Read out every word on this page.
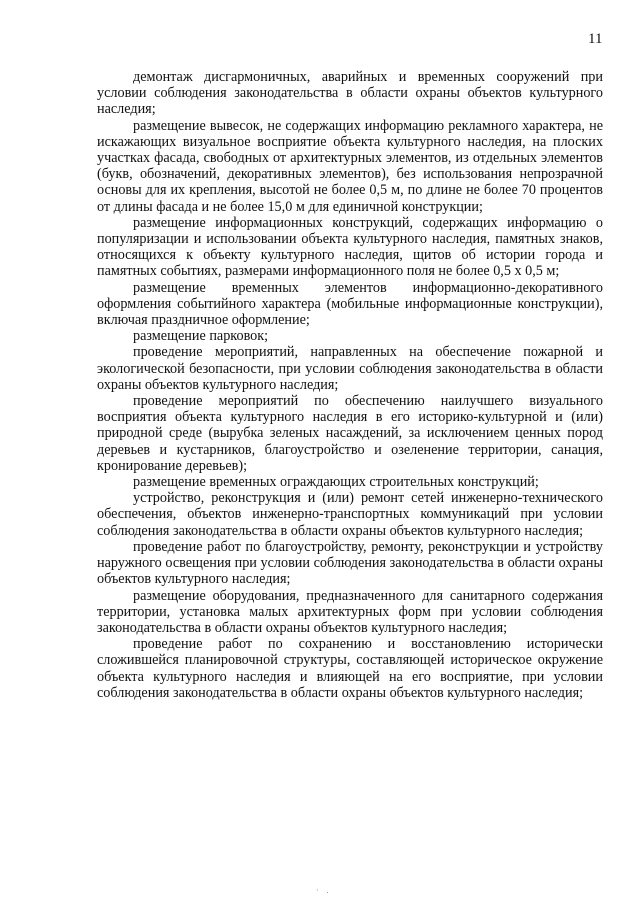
11

демонтаж дисгармоничных, аварийных и временных сооружений при условии соблюдения законодательства в области охраны объектов культурного наследия;

размещение вывесок, не содержащих информацию рекламного характера, не искажающих визуальное восприятие объекта культурного наследия, на плоских участках фасада, свободных от архитектурных элементов, из отдельных элементов (букв, обозначений, декоративных элементов), без использования непрозрачной основы для их крепления, высотой не более 0,5 м, по длине не более 70 процентов от длины фасада и не более 15,0 м для единичной конструкции;

размещение информационных конструкций, содержащих информацию о популяризации и использовании объекта культурного наследия, памятных знаков, относящихся к объекту культурного наследия, щитов об истории города и памятных событиях, размерами информационного поля не более 0,5 х 0,5 м;

размещение временных элементов информационно-декоративного оформления событийного характера (мобильные информационные конструкции), включая праздничное оформление;

размещение парковок;

проведение мероприятий, направленных на обеспечение пожарной и экологической безопасности, при условии соблюдения законодательства в области охраны объектов культурного наследия;

проведение мероприятий по обеспечению наилучшего визуального восприятия объекта культурного наследия в его историко-культурной и (или) природной среде (вырубка зеленых насаждений, за исключением ценных пород деревьев и кустарников, благоустройство и озеленение территории, санация, кронирование деревьев);

размещение временных ограждающих строительных конструкций;

устройство, реконструкция и (или) ремонт сетей инженерно-технического обеспечения, объектов инженерно-транспортных коммуникаций при условии соблюдения законодательства в области охраны объектов культурного наследия;

проведение работ по благоустройству, ремонту, реконструкции и устройству наружного освещения при условии соблюдения законодательства в области охраны объектов культурного наследия;

размещение оборудования, предназначенного для санитарного содержания территории, установка малых архитектурных форм при условии соблюдения законодательства в области охраны объектов культурного наследия;

проведение работ по сохранению и восстановлению исторически сложившейся планировочной структуры, составляющей историческое окружение объекта культурного наследия и влияющей на его восприятие, при условии соблюдения законодательства в области охраны объектов культурного наследия;

·.
